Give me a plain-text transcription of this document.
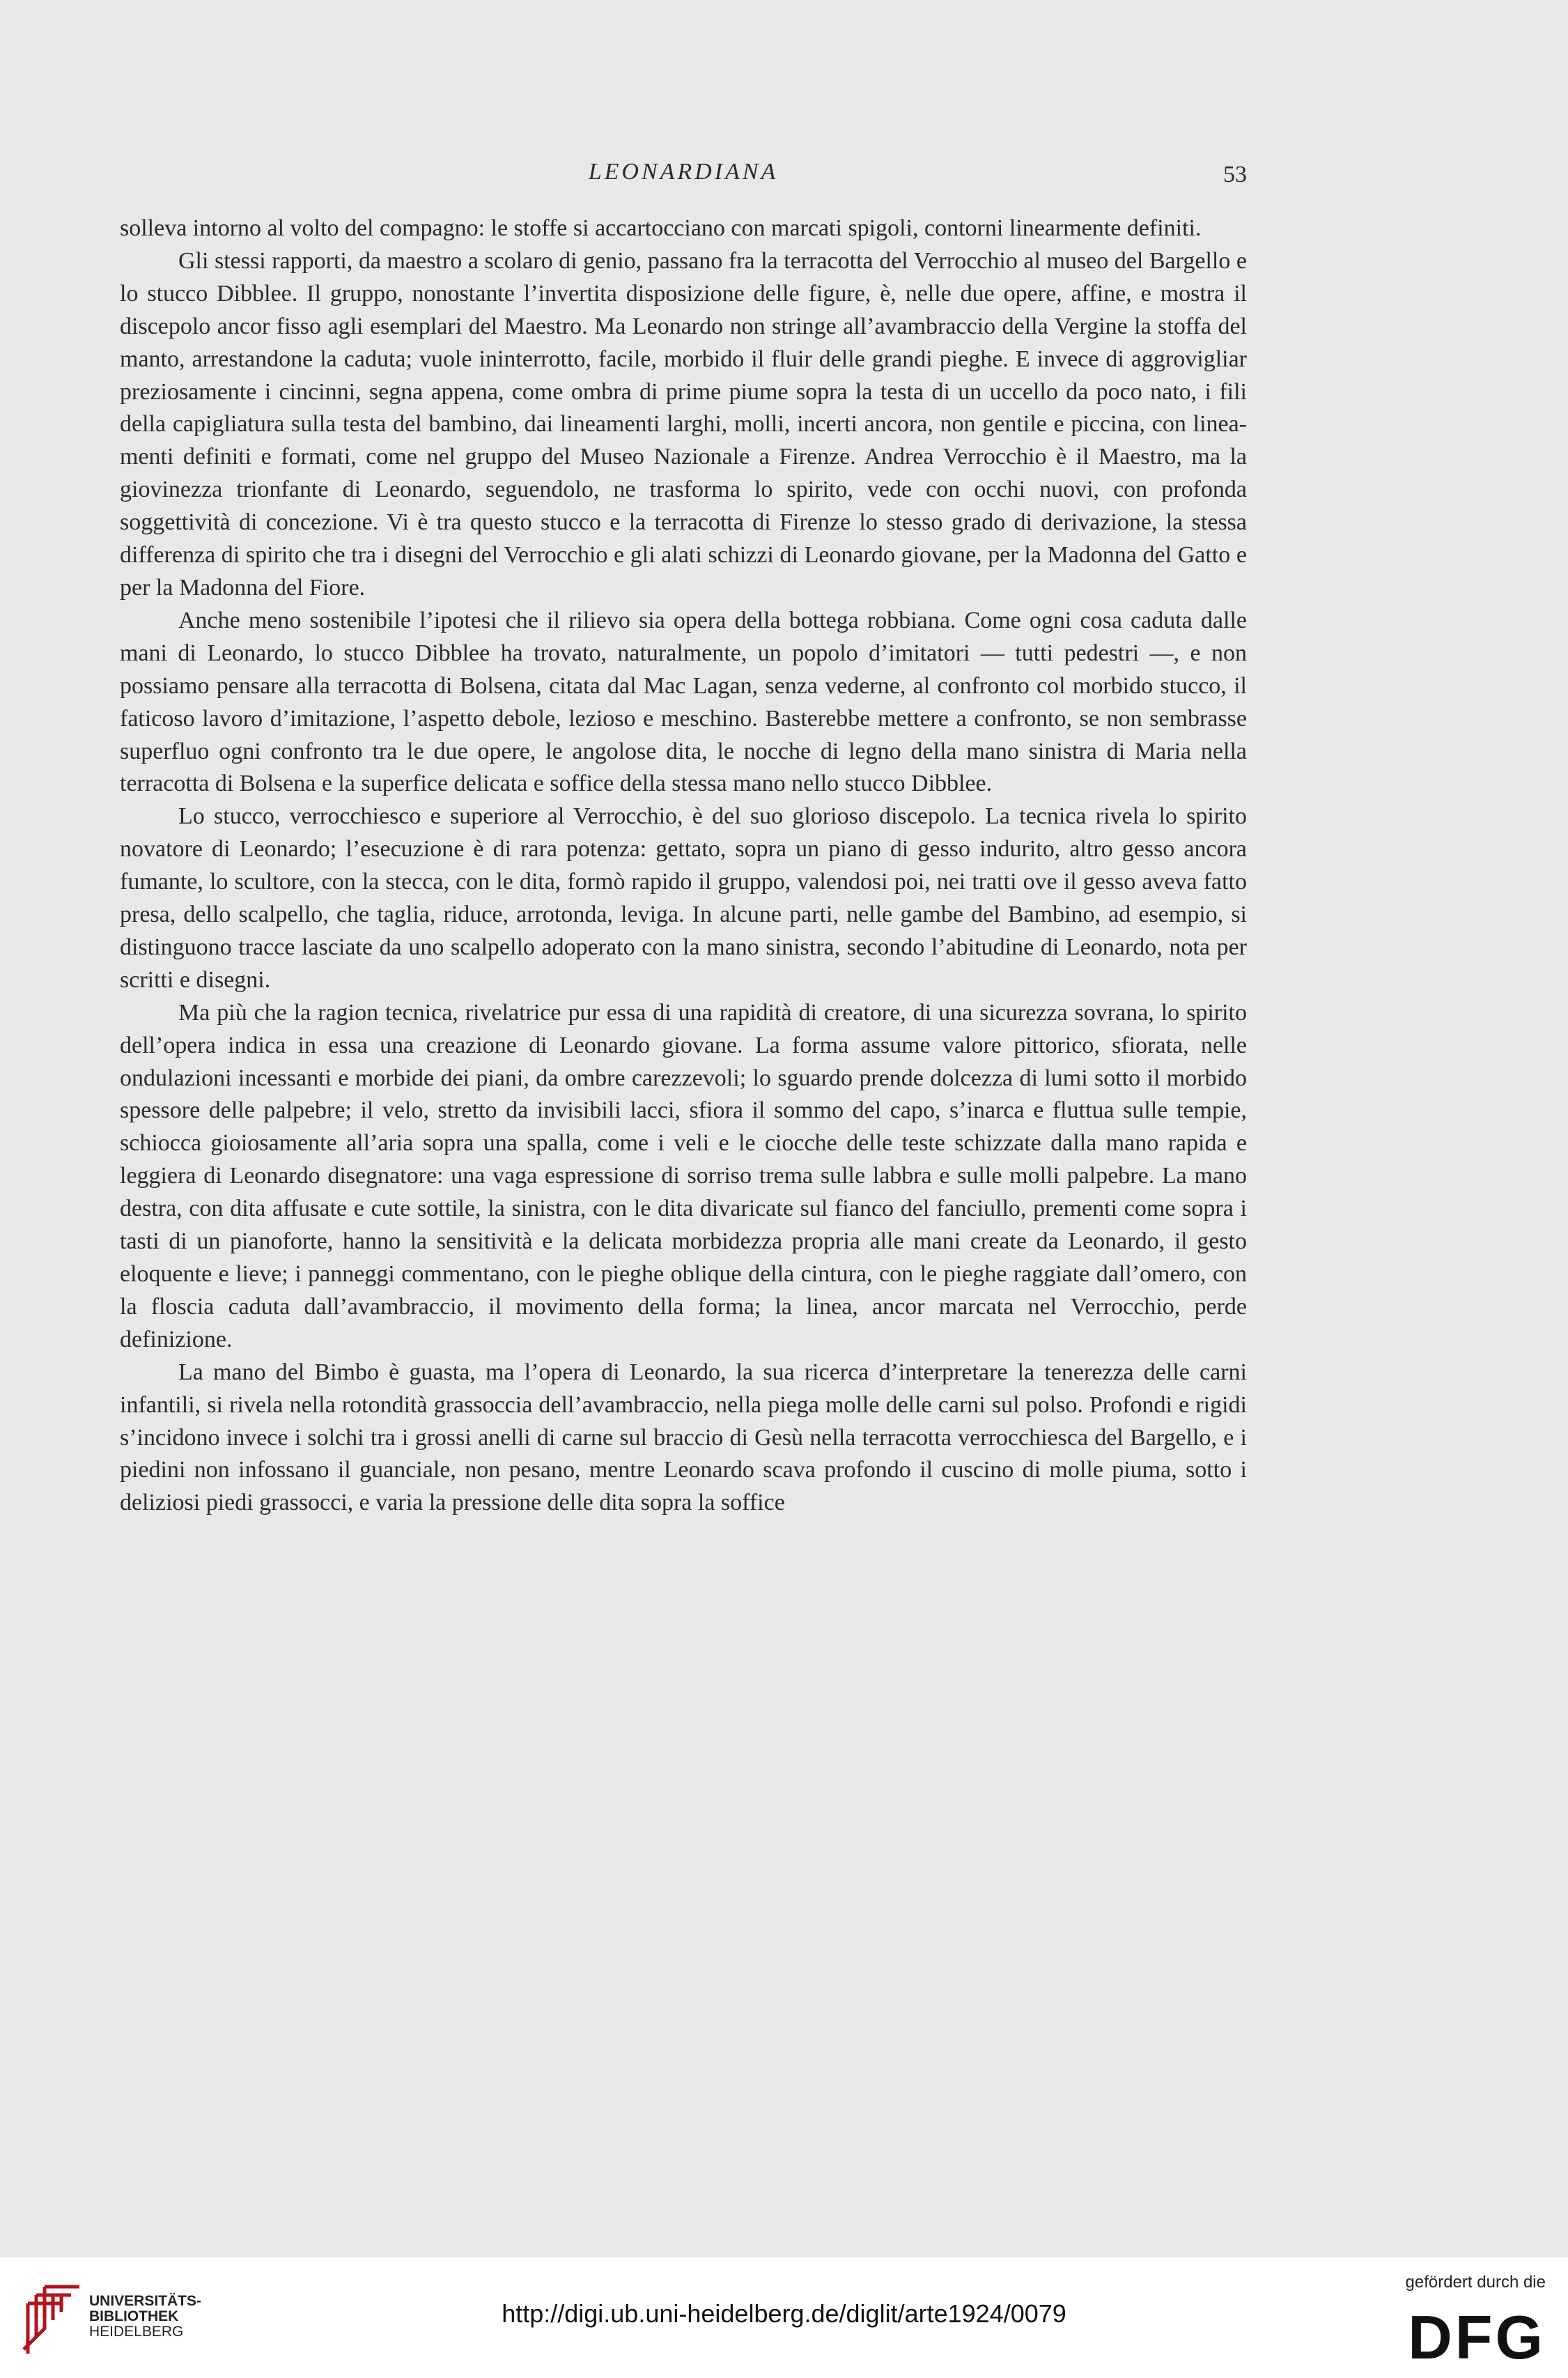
LEONARDIANA	53

solleva intorno al volto del compagno: le stoffe si accartocciano con marcati spigoli, contorni linearmente definiti.

Gli stessi rapporti, da maestro a scolaro di genio, passano fra la terracotta del Verrocchio al museo del Bargello e lo stucco Dibblee. Il gruppo, nonostante l’invertita disposizione delle figure, è, nelle due opere, affine, e mostra il discepolo ancor fisso agli esemplari del Maestro. Ma Leonardo non stringe all’avambraccio della Vergine la stoffa del manto, arrestandone la caduta; vuole ininterrotto, facile, morbido il fluir delle grandi pieghe. E invece di aggrovigliar preziosamente i cincinni, segna appena, come ombra di prime piume sopra la testa di un uccello da poco nato, i fili della capigliatura sulla testa del bambino, dai lineamenti larghi, molli, incerti ancora, non gentile e piccina, con lineamenti definiti e formati, come nel gruppo del Museo Nazionale a Firenze. Andrea Verrocchio è il Maestro, ma la giovinezza trionfante di Leonardo, seguendolo, ne trasforma lo spirito, vede con occhi nuovi, con profonda soggettività di concezione. Vi è tra questo stucco e la terracotta di Firenze lo stesso grado di derivazione, la stessa differenza di spirito che tra i disegni del Verrocchio e gli alati schizzi di Leonardo giovane, per la Madonna del Gatto e per la Madonna del Fiore.

Anche meno sostenibile l’ipotesi che il rilievo sia opera della bottega robbiana. Come ogni cosa caduta dalle mani di Leonardo, lo stucco Dibblee ha trovato, naturalmente, un popolo d’imitatori — tutti pedestri —, e non possiamo pensare alla terracotta di Bolsena, citata dal Mac Lagan, senza vederne, al confronto col morbido stucco, il faticoso lavoro d’imitazione, l’aspetto debole, lezioso e meschino. Basterebbe mettere a confronto, se non sembrasse superfluo ogni confronto tra le due opere, le angolose dita, le nocche di legno della mano sinistra di Maria nella terracotta di Bolsena e la superfice delicata e soffice della stessa mano nello stucco Dibblee.

Lo stucco, verrocchiesco e superiore al Verrocchio, è del suo glorioso discepolo. La tecnica rivela lo spirito novatore di Leonardo; l’esecuzione è di rara potenza: gettato, sopra un piano di gesso indurito, altro gesso ancora fumante, lo scultore, con la stecca, con le dita, formò rapido il gruppo, valendosi poi, nei tratti ove il gesso aveva fatto presa, dello scalpello, che taglia, riduce, arrotonda, leviga. In alcune parti, nelle gambe del Bambino, ad esempio, si distinguono tracce lasciate da uno scalpello adoperato con la mano sinistra, secondo l’abitudine di Leonardo, nota per scritti e disegni.

Ma più che la ragion tecnica, rivelatrice pur essa di una rapidità di creatore, di una sicurezza sovrana, lo spirito dell’opera indica in essa una creazione di Leonardo giovane. La forma assume valore pittorico, sfiorata, nelle ondulazioni incessanti e morbide dei piani, da ombre carezzevoli; lo sguardo prende dolcezza di lumi sotto il morbido spessore delle palpebre; il velo, stretto da invisibili lacci, sfiora il sommo del capo, s’inarca e fluttua sulle tempie, schiocca gioiosamente all’aria sopra una spalla, come i veli e le ciocche delle teste schizzate dalla mano rapida e leggiera di Leonardo disegnatore: una vaga espressione di sorriso trema sulle labbra e sulle molli palpebre. La mano destra, con dita affusate e cute sottile, la sinistra, con le dita divaricate sul fianco del fanciullo, prementi come sopra i tasti di un pianoforte, hanno la sensitività e la delicata morbidezza propria alle mani create da Leonardo, il gesto eloquente e lieve; i panneggi commentano, con le pieghe oblique della cintura, con le pieghe raggiate dall’omero, con la floscia caduta dall’avambraccio, il movimento della forma; la linea, ancor marcata nel Verrocchio, perde definizione.

La mano del Bimbo è guasta, ma l’opera di Leonardo, la sua ricerca d’interpretare la tenerezza delle carni infantili, si rivela nella rotondità grassoccia dell’avambraccio, nella piega molle delle carni sul polso. Profondi e rigidi s’incidono invece i solchi tra i grossi anelli di carne sul braccio di Gesù nella terracotta verrocchiesca del Bargello, e i piedini non infossano il guanciale, non pesano, mentre Leonardo scava profondo il cuscino di molle piuma, sotto i deliziosi piedi grassocci, e varia la pressione delle dita sopra la soffice

UNIVERSITÄTS-
BIBLIOTHEK
HEIDELBERG
http://digi.ub.uni-heidelberg.de/diglit/arte1924/0079
gefördert durch die
DFG
